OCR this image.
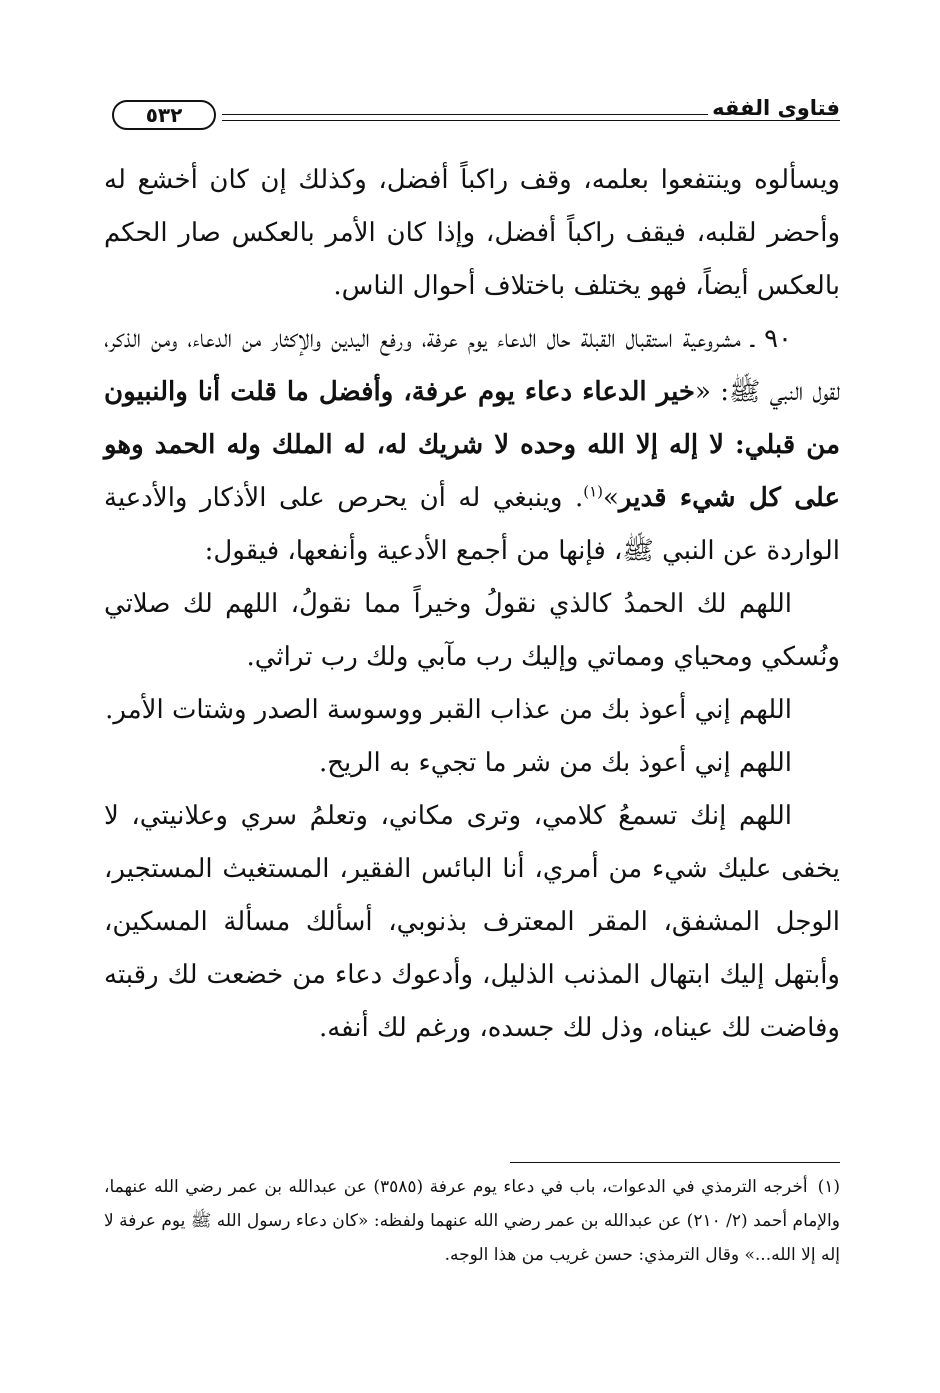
فتاوى الفقه
٥٣٢

ويسألوه وينتفعوا بعلمه، وقف راكباً أفضل، وكذلك إن كان أخشع له وأحضر لقلبه، فيقف راكباً أفضل، وإذا كان الأمر بالعكس صار الحكم بالعكس أيضاً، فهو يختلف باختلاف أحوال الناس.

٩٠ ـ مشروعية استقبال القبلة حال الدعاء يوم عرفة، ورفع اليدين والإكثار من الدعاء، ومن الذكر، لقول النبي ﷺ: «خير الدعاء دعاء يوم عرفة، وأفضل ما قلت أنا والنبيون من قبلي: لا إله إلا الله وحده لا شريك له، له الملك وله الحمد وهو على كل شيء قدير»$^{(١)}$. وينبغي له أن يحرص على الأذكار والأدعية الواردة عن النبي ﷺ، فإنها من أجمع الأدعية وأنفعها، فيقول:

اللهم لك الحمدُ كالذي نقولُ وخيراً مما نقولُ، اللهم لك صلاتي ونُسكي ومحياي ومماتي وإليك رب مآبي ولك رب تراثي.

اللهم إني أعوذ بك من عذاب القبر ووسوسة الصدر وشتات الأمر.

اللهم إني أعوذ بك من شر ما تجيء به الريح.

اللهم إنك تسمعُ كلامي، وترى مكاني، وتعلمُ سري وعلانيتي، لا يخفى عليك شيء من أمري، أنا البائس الفقير، المستغيث المستجير، الوجل المشفق، المقر المعترف بذنوبي، أسألك مسألة المسكين، وأبتهل إليك ابتهال المذنب الذليل، وأدعوك دعاء من خضعت لك رقبته وفاضت لك عيناه، وذل لك جسده، ورغم لك أنفه.

(١)أخرجه الترمذي في الدعوات، باب في دعاء يوم عرفة (٣٥٨٥) عن عبدالله بن عمر رضي الله عنهما، والإمام أحمد (٢/ ٢١٠) عن عبدالله بن عمر رضي الله عنهما ولفظه: «كان دعاء رسول الله ﷺ يوم عرفة لا إله إلا الله...» وقال الترمذي: حسن غريب من هذا الوجه.
